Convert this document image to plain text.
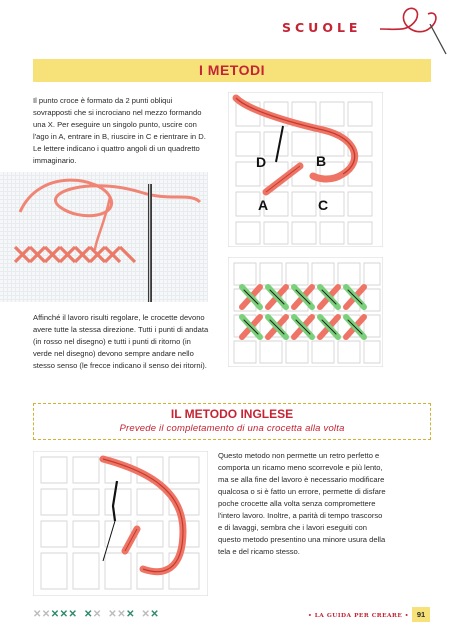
SCUOLE
I METODI
Il punto croce è formato da 2 punti obliqui sovrapposti che si incrociano nel mezzo formando una X. Per eseguire un singolo punto, uscire con l'ago in A, entrare in B, riuscire in C e rientrare in D. Le lettere indicano i quattro angoli di un quadretto immaginario.	D	B
A	C
Affinché il lavoro risulti regolare, le crocette devono avere tutte la stessa direzione. Tutti i punti di andata (in rosso nel disegno) e tutti i punti di ritorno (in verde nel disegno) devono sempre andare nello stesso senso (le frecce indicano il senso dei ritorni).
IL METODO INGLESE
Prevede il completamento di una crocetta alla volta
Questo metodo non permette un retro perfetto e comporta un ricamo meno scorrevole e più lento, ma se alla fine del lavoro è necessario modificare qualcosa o si è fatto un errore, permette di disfare poche crocette alla volta senza compromettere l'intero lavoro. Inoltre, a parità di tempo trascorso e di lavaggi, sembra che i lavori eseguiti con questo metodo presentino una minore usura della tela e del ricamo stesso.
✕✕✕✕✕ ✕✕  ✕✕✕  ✕✕	• LA GUIDA PER CREARE •	91
